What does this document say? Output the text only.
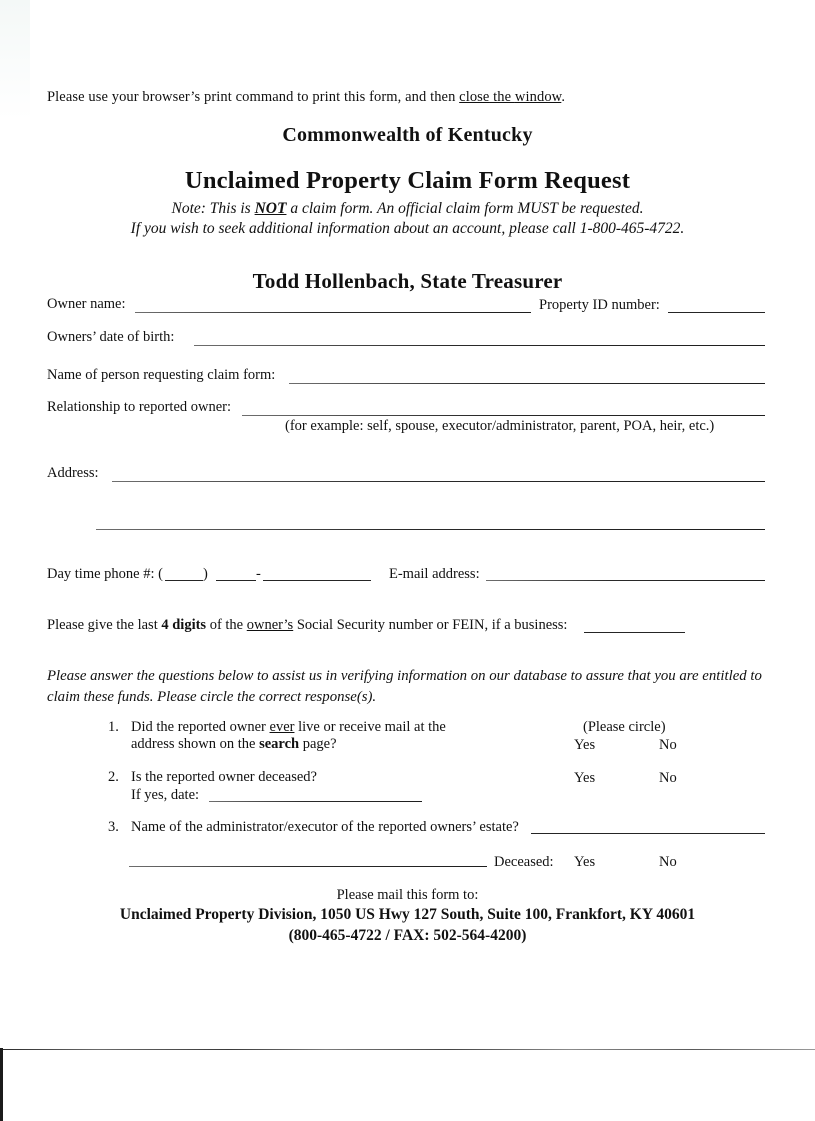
Please use your browser’s print command to print this form, and then close the window.
Commonwealth of Kentucky
Unclaimed Property Claim Form Request
Note: This is NOT a claim form. An official claim form MUST be requested.
If you wish to seek additional information about an account, please call 1-800-465-4722.
Todd Hollenbach, State Treasurer
Owner name:	Property ID number:
Owners’ date of birth:
Name of person requesting claim form:
Relationship to reported owner:
(for example: self, spouse, executor/administrator, parent, POA, heir, etc.)
Address:
Day time phone #: (	)	-	E-mail address:
Please give the last 4 digits of the owner’s Social Security number or FEIN, if a business:
Please answer the questions below to assist us in verifying information on our database to assure that you are entitled to claim these funds. Please circle the correct response(s).
(Please circle)
1. Did the reported owner ever live or receive mail at the
address shown on the search page?	Yes	No
2. Is the reported owner deceased?
If yes, date:
Yes	No
3. Name of the administrator/executor of the reported owners’ estate?
Deceased: Yes	No
Please mail this form to:
Unclaimed Property Division, 1050 US Hwy 127 South, Suite 100, Frankfort, KY 40601
(800-465-4722 / FAX: 502-564-4200)
